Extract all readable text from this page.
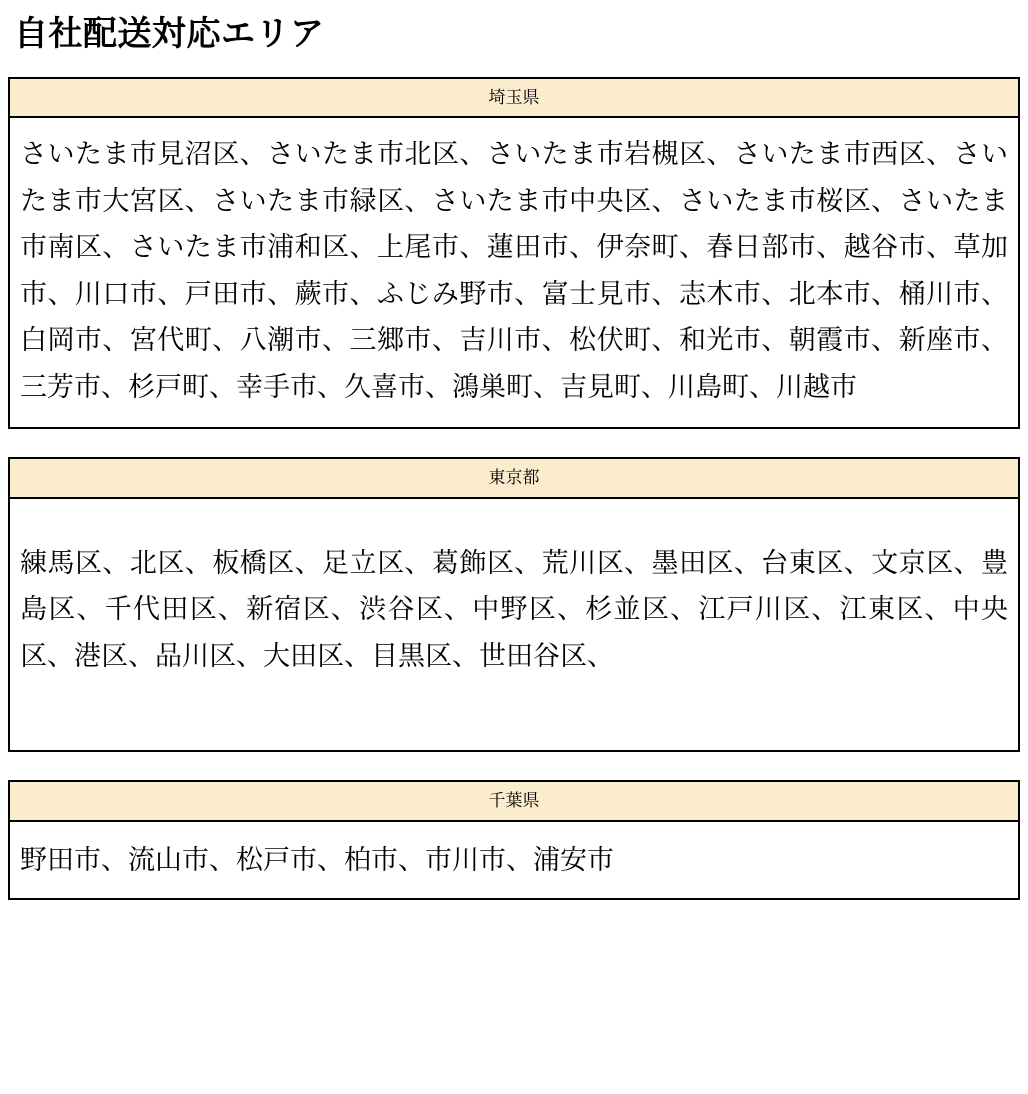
自社配送対応エリア
埼玉県
さいたま市見沼区、さいたま市北区、さいたま市岩槻区、さいたま市西区、さいたま市大宮区、さいたま市緑区、さいたま市中央区、さいたま市桜区、さいたま市南区、さいたま市浦和区、上尾市、蓮田市、伊奈町、春日部市、越谷市、草加市、川口市、戸田市、蕨市、ふじみ野市、富士見市、志木市、北本市、桶川市、白岡市、宮代町、八潮市、三郷市、吉川市、松伏町、和光市、朝霞市、新座市、三芳市、杉戸町、幸手市、久喜市、鴻巣町、吉見町、川島町、川越市
東京都
練馬区、北区、板橋区、足立区、葛飾区、荒川区、墨田区、台東区、文京区、豊島区、千代田区、新宿区、渋谷区、中野区、杉並区、江戸川区、江東区、中央区、港区、品川区、大田区、目黒区、世田谷区、
千葉県
野田市、流山市、松戸市、柏市、市川市、浦安市
